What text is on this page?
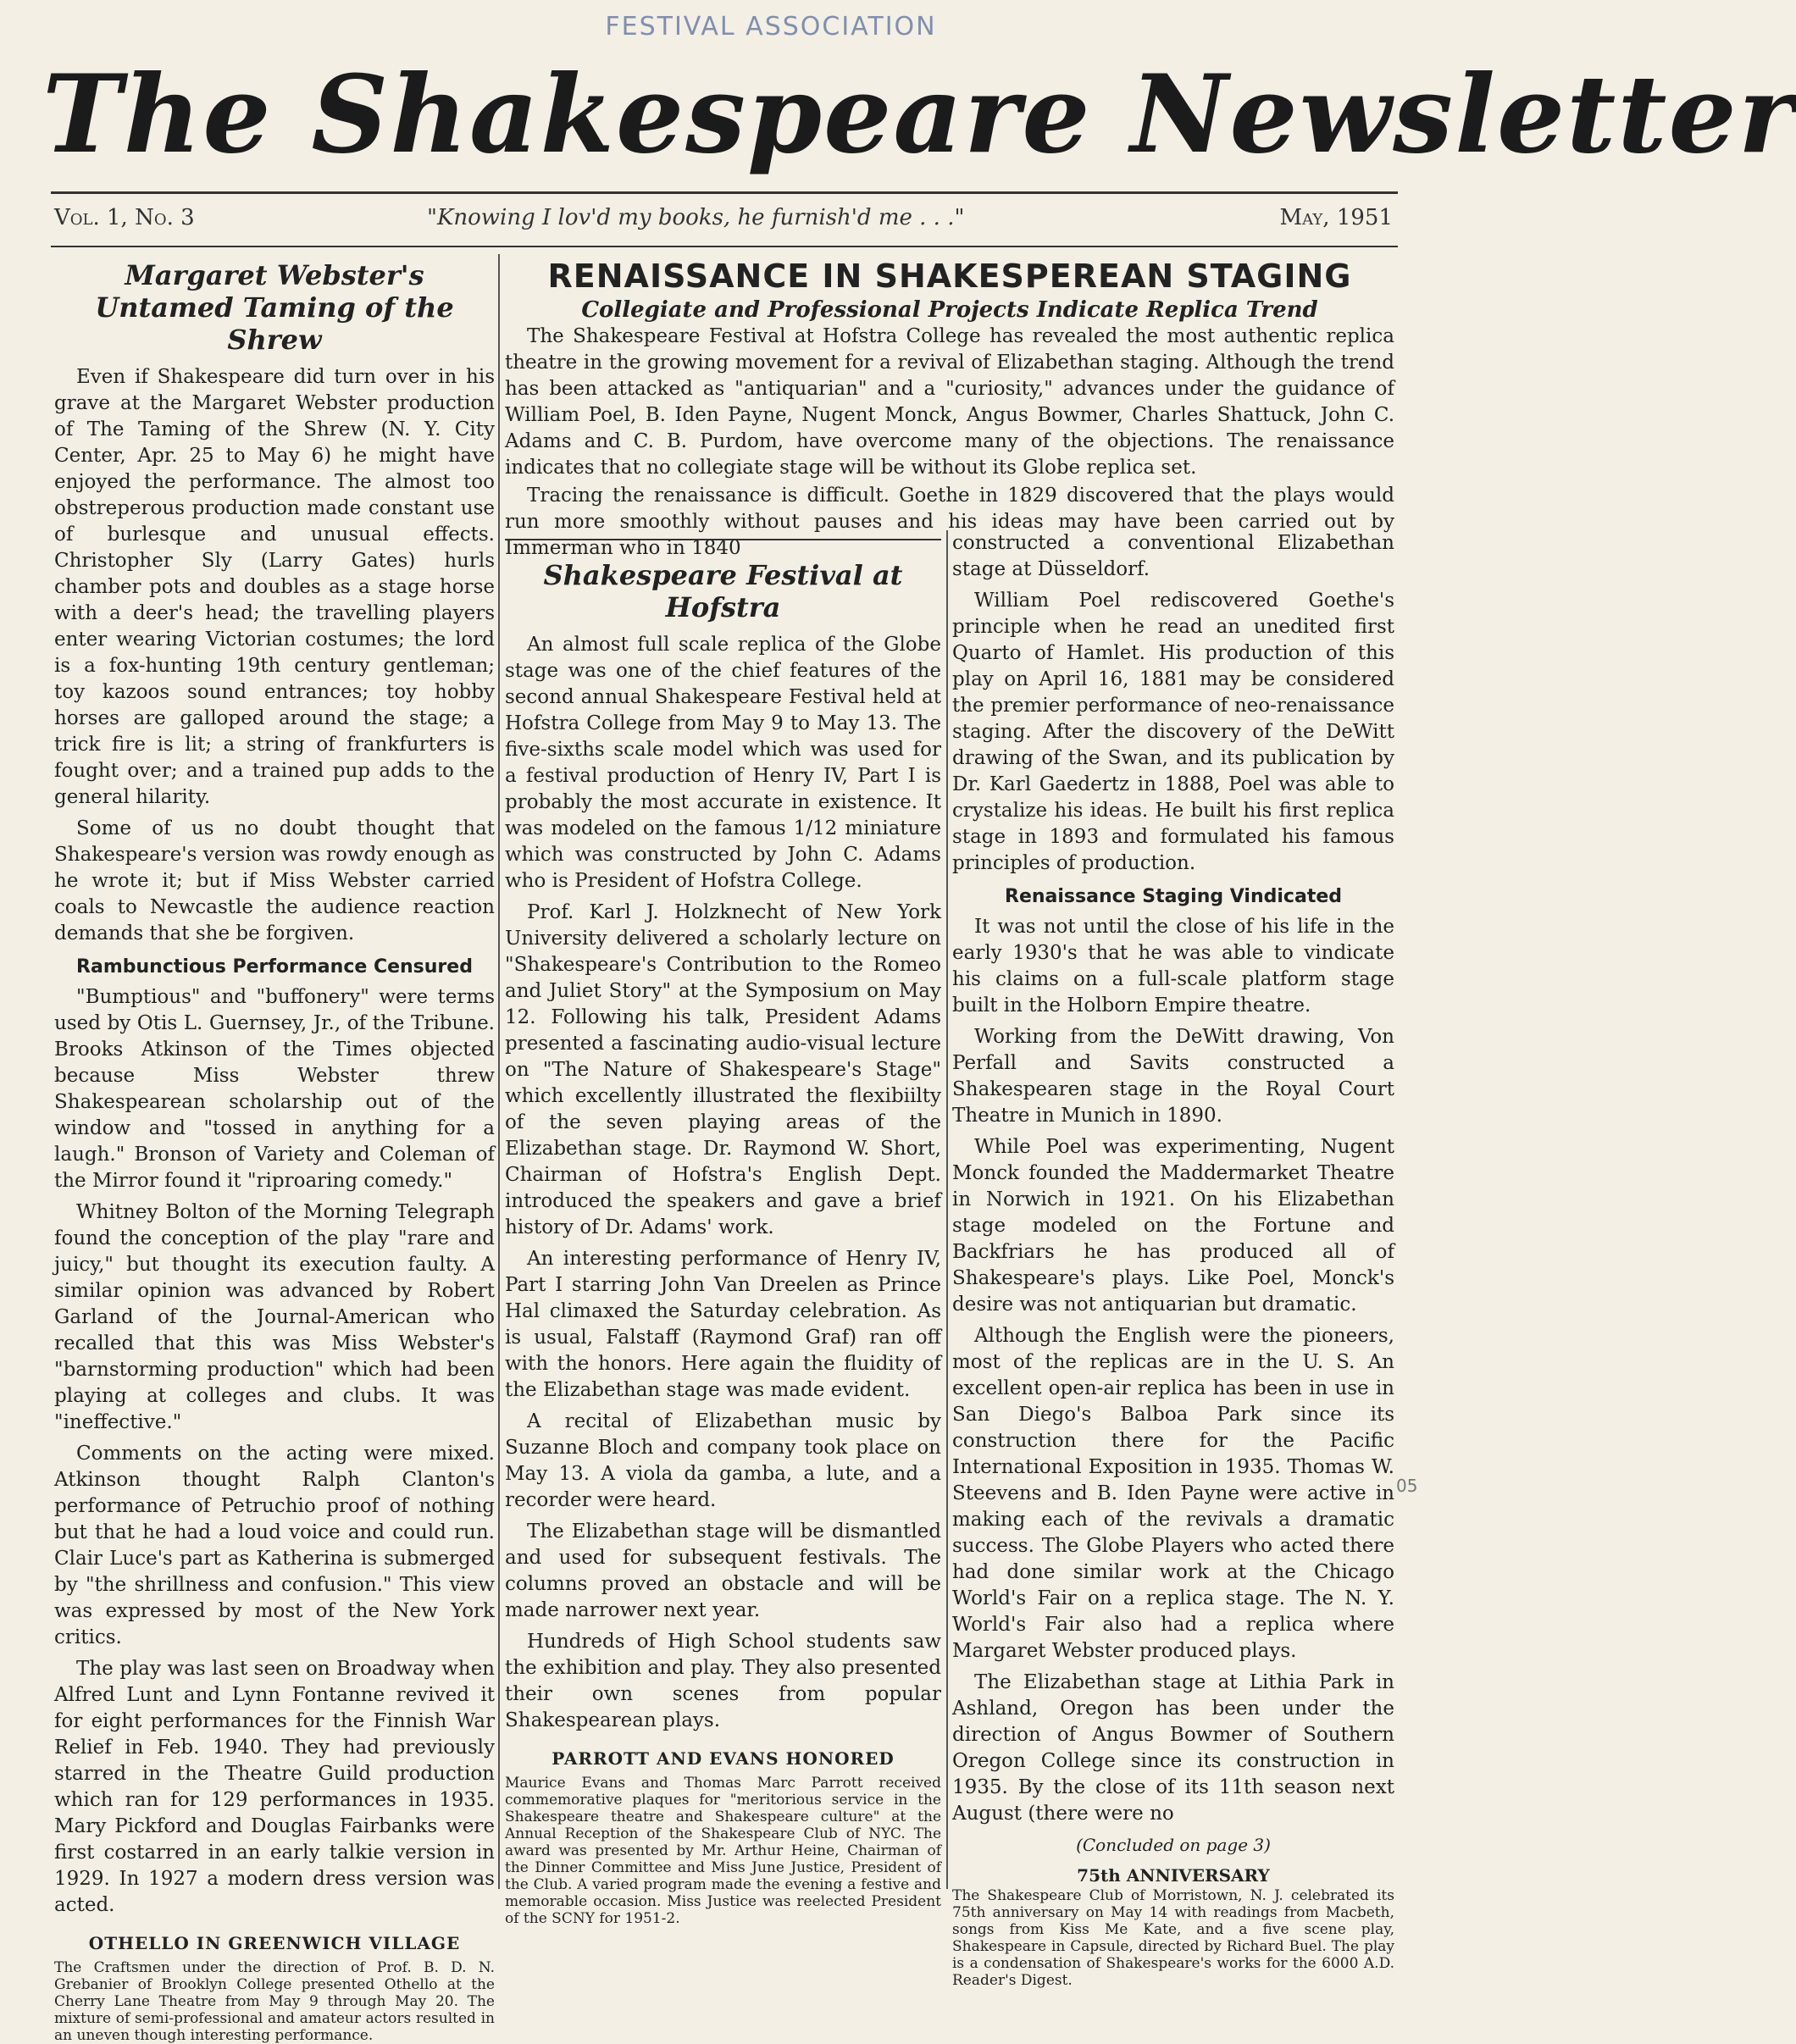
FESTIVAL ASSOCIATION
The Shakespeare Newsletter
Vol. 1, No. 3	"Knowing I lov'd my books, he furnish'd me . . ."	May, 1951
Margaret Webster's Untamed Taming of the Shrew

Even if Shakespeare did turn over in his grave at the Margaret Webster production of The Taming of the Shrew (N. Y. City Center, Apr. 25 to May 6) he might have enjoyed the performance. The almost too obstreperous production made constant use of burlesque and unusual effects. Christopher Sly (Larry Gates) hurls chamber pots and doubles as a stage horse with a deer's head; the travelling players enter wearing Victorian costumes; the lord is a fox-hunting 19th century gentleman; toy kazoos sound entrances; toy hobby horses are galloped around the stage; a trick fire is lit; a string of frankfurters is fought over; and a trained pup adds to the general hilarity.

Some of us no doubt thought that Shakespeare's version was rowdy enough as he wrote it; but if Miss Webster carried coals to Newcastle the audience reaction demands that she be forgiven.

Rambunctious Performance Censured

"Bumptious" and "buffonery" were terms used by Otis L. Guernsey, Jr., of the Tribune. Brooks Atkinson of the Times objected because Miss Webster threw Shakespearean scholarship out of the window and "tossed in anything for a laugh." Bronson of Variety and Coleman of the Mirror found it "riproaring comedy."

Whitney Bolton of the Morning Telegraph found the conception of the play "rare and juicy," but thought its execution faulty. A similar opinion was advanced by Robert Garland of the Journal-American who recalled that this was Miss Webster's "barnstorming production" which had been playing at colleges and clubs. It was "ineffective."

Comments on the acting were mixed. Atkinson thought Ralph Clanton's performance of Petruchio proof of nothing but that he had a loud voice and could run. Clair Luce's part as Katherina is submerged by "the shrillness and confusion." This view was expressed by most of the New York critics.

The play was last seen on Broadway when Alfred Lunt and Lynn Fontanne revived it for eight performances for the Finnish War Relief in Feb. 1940. They had previously starred in the Theatre Guild production which ran for 129 performances in 1935. Mary Pickford and Douglas Fairbanks were first costarred in an early talkie version in 1929. In 1927 a modern dress version was acted.

OTHELLO IN GREENWICH VILLAGE
The Craftsmen under the direction of Prof. B. D. N. Grebanier of Brooklyn College presented Othello at the Cherry Lane Theatre from May 9 through May 20. The mixture of semi-professional and amateur actors resulted in an uneven though interesting performance.
RENAISSANCE IN SHAKESPEREAN STAGING
Collegiate and Professional Projects Indicate Replica Trend

The Shakespeare Festival at Hofstra College has revealed the most authentic replica theatre in the growing movement for a revival of Elizabethan staging. Although the trend has been attacked as "antiquarian" and a "curiosity," advances under the guidance of William Poel, B. Iden Payne, Nugent Monck, Angus Bowmer, Charles Shattuck, John C. Adams and C. B. Purdom, have overcome many of the objections. The renaissance indicates that no collegiate stage will be without its Globe replica set.

Tracing the renaissance is difficult. Goethe in 1829 discovered that the plays would run more smoothly without pauses and his ideas may have been carried out by Immerman who in 1840

Shakespeare Festival at Hofstra

An almost full scale replica of the Globe stage was one of the chief features of the second annual Shakespeare Festival held at Hofstra College from May 9 to May 13. The five-sixths scale model which was used for a festival production of Henry IV, Part I is probably the most accurate in existence. It was modeled on the famous 1/12 miniature which was constructed by John C. Adams who is President of Hofstra College.

Prof. Karl J. Holzknecht of New York University delivered a scholarly lecture on "Shakespeare's Contribution to the Romeo and Juliet Story" at the Symposium on May 12. Following his talk, President Adams presented a fascinating audio-visual lecture on "The Nature of Shakespeare's Stage" which excellently illustrated the flexibiilty of the seven playing areas of the Elizabethan stage. Dr. Raymond W. Short, Chairman of Hofstra's English Dept. introduced the speakers and gave a brief history of Dr. Adams' work.

An interesting performance of Henry IV, Part I starring John Van Dreelen as Prince Hal climaxed the Saturday celebration. As is usual, Falstaff (Raymond Graf) ran off with the honors. Here again the fluidity of the Elizabethan stage was made evident.

A recital of Elizabethan music by Suzanne Bloch and company took place on May 13. A viola da gamba, a lute, and a recorder were heard.

The Elizabethan stage will be dismantled and used for subsequent festivals. The columns proved an obstacle and will be made narrower next year.

Hundreds of High School students saw the exhibition and play. They also presented their own scenes from popular Shakespearean plays.

PARROTT AND EVANS HONORED
Maurice Evans and Thomas Marc Parrott received commemorative plaques for "meritorious service in the Shakespeare theatre and Shakespeare culture" at the Annual Reception of the Shakespeare Club of NYC. The award was presented by Mr. Arthur Heine, Chairman of the Dinner Committee and Miss June Justice, President of the Club. A varied program made the evening a festive and memorable occasion. Miss Justice was reelected President of the SCNY for 1951-2.

constructed a conventional Elizabethan stage at Düsseldorf.

William Poel rediscovered Goethe's principle when he read an unedited first Quarto of Hamlet. His production of this play on April 16, 1881 may be considered the premier performance of neo-renaissance staging. After the discovery of the DeWitt drawing of the Swan, and its publication by Dr. Karl Gaedertz in 1888, Poel was able to crystalize his ideas. He built his first replica stage in 1893 and formulated his famous principles of production.

Renaissance Staging Vindicated

It was not until the close of his life in the early 1930's that he was able to vindicate his claims on a full-scale platform stage built in the Holborn Empire theatre.

Working from the DeWitt drawing, Von Perfall and Savits constructed a Shakespearen stage in the Royal Court Theatre in Munich in 1890.

While Poel was experimenting, Nugent Monck founded the Maddermarket Theatre in Norwich in 1921. On his Elizabethan stage modeled on the Fortune and Backfriars he has produced all of Shakespeare's plays. Like Poel, Monck's desire was not antiquarian but dramatic.

Although the English were the pioneers, most of the replicas are in the U. S. An excellent open-air replica has been in use in San Diego's Balboa Park since its construction there for the Pacific International Exposition in 1935. Thomas W. Steevens and B. Iden Payne were active in making each of the revivals a dramatic success. The Globe Players who acted there had done similar work at the Chicago World's Fair on a replica stage. The N. Y. World's Fair also had a replica where Margaret Webster produced plays.

The Elizabethan stage at Lithia Park in Ashland, Oregon has been under the direction of Angus Bowmer of Southern Oregon College since its construction in 1935. By the close of its 11th season next August (there were no

(Concluded on page 3)
75th ANNIVERSARY
The Shakespeare Club of Morristown, N. J. celebrated its 75th anniversary on May 14 with readings from Macbeth, songs from Kiss Me Kate, and a five scene play, Shakespeare in Capsule, directed by Richard Buel. The play is a condensation of Shakespeare's works for the 6000 A.D. Reader's Digest.
05
